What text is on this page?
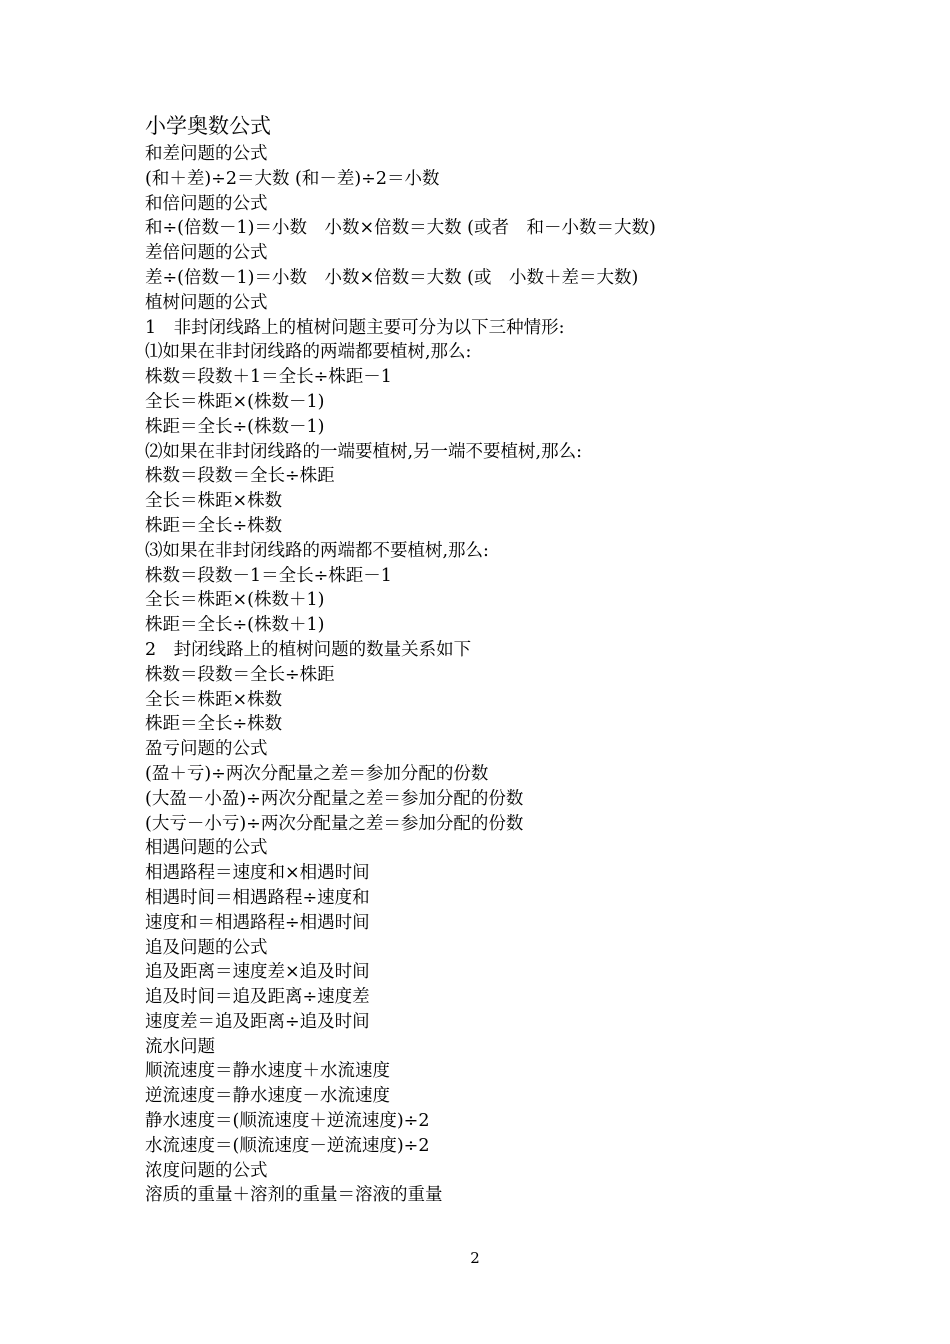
小学奥数公式
和差问题的公式
(和＋差)÷2＝大数 (和－差)÷2＝小数
和倍问题的公式
和÷(倍数－1)＝小数　小数×倍数＝大数 (或者　和－小数＝大数)
差倍问题的公式
差÷(倍数－1)＝小数　小数×倍数＝大数 (或　小数＋差＝大数)
植树问题的公式
1　非封闭线路上的植树问题主要可分为以下三种情形:
⑴如果在非封闭线路的两端都要植树,那么:
株数＝段数＋1＝全长÷株距－1
全长＝株距×(株数－1)
株距＝全长÷(株数－1)
⑵如果在非封闭线路的一端要植树,另一端不要植树,那么:
株数＝段数＝全长÷株距
全长＝株距×株数
株距＝全长÷株数
⑶如果在非封闭线路的两端都不要植树,那么:
株数＝段数－1＝全长÷株距－1
全长＝株距×(株数＋1)
株距＝全长÷(株数＋1)
2　封闭线路上的植树问题的数量关系如下
株数＝段数＝全长÷株距
全长＝株距×株数
株距＝全长÷株数
盈亏问题的公式
(盈＋亏)÷两次分配量之差＝参加分配的份数
(大盈－小盈)÷两次分配量之差＝参加分配的份数
(大亏－小亏)÷两次分配量之差＝参加分配的份数
相遇问题的公式
相遇路程＝速度和×相遇时间
相遇时间＝相遇路程÷速度和
速度和＝相遇路程÷相遇时间
追及问题的公式
追及距离＝速度差×追及时间
追及时间＝追及距离÷速度差
速度差＝追及距离÷追及时间
流水问题
顺流速度＝静水速度＋水流速度
逆流速度＝静水速度－水流速度
静水速度＝(顺流速度＋逆流速度)÷2
水流速度＝(顺流速度－逆流速度)÷2
浓度问题的公式
溶质的重量＋溶剂的重量＝溶液的重量
2
